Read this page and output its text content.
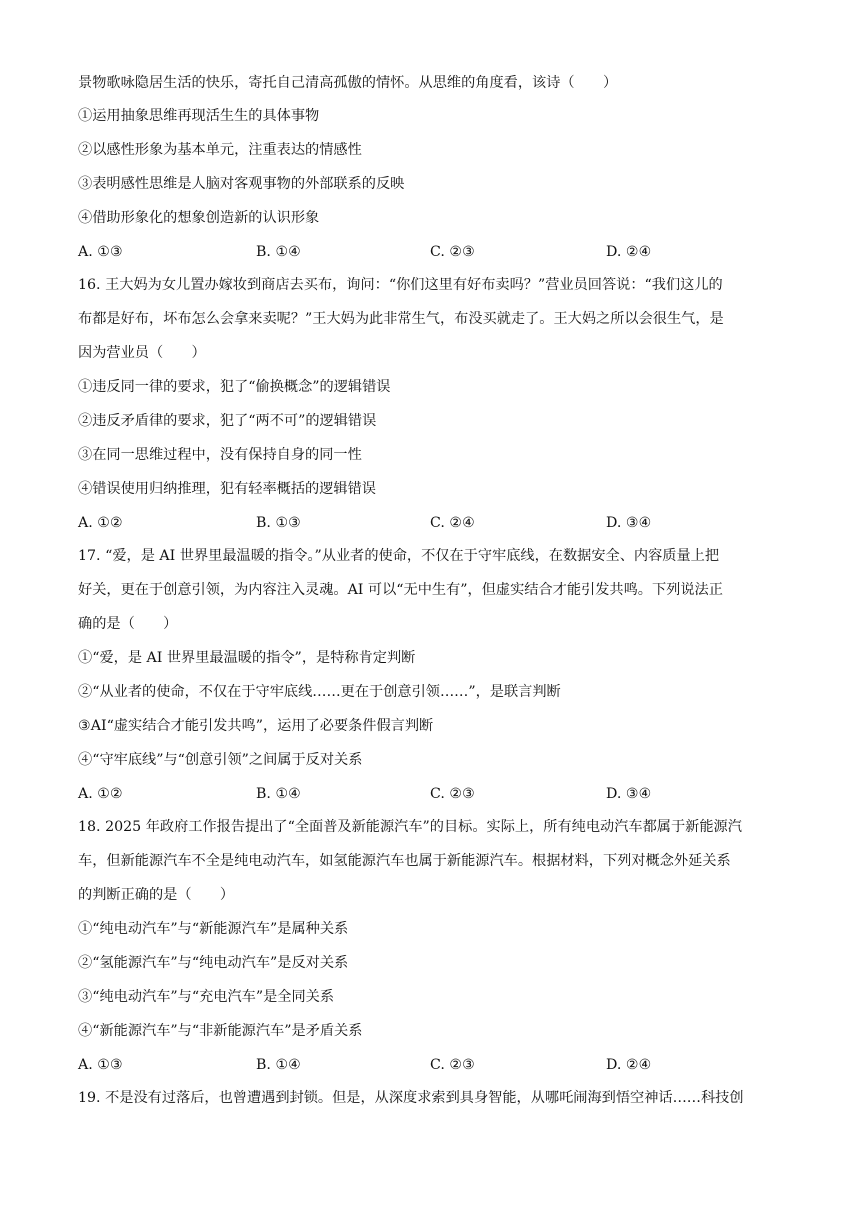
景物歌咏隐居生活的快乐，寄托自己清高孤傲的情怀。从思维的角度看，该诗（　　）
①运用抽象思维再现活生生的具体事物
②以感性形象为基本单元，注重表达的情感性
③表明感性思维是人脑对客观事物的外部联系的反映
④借助形象化的想象创造新的认识形象
A. ①③	B. ①④	C. ②③	D. ②④
16. 王大妈为女儿置办嫁妆到商店去买布，询问：“你们这里有好布卖吗？”营业员回答说：“我们这儿的
布都是好布，坏布怎么会拿来卖呢？”王大妈为此非常生气，布没买就走了。王大妈之所以会很生气，是
因为营业员（　　）
①违反同一律的要求，犯了“偷换概念”的逻辑错误
②违反矛盾律的要求，犯了“两不可”的逻辑错误
③在同一思维过程中，没有保持自身的同一性
④错误使用归纳推理，犯有轻率概括的逻辑错误
A. ①②	B. ①③	C. ②④	D. ③④
17. “爱，是 AI 世界里最温暖的指令。”从业者的使命，不仅在于守牢底线，在数据安全、内容质量上把
好关，更在于创意引领，为内容注入灵魂。AI 可以“无中生有”，但虚实结合才能引发共鸣。下列说法正
确的是（　　）
①“爱，是 AI 世界里最温暖的指令”，是特称肯定判断
②“从业者的使命，不仅在于守牢底线……更在于创意引领……”，是联言判断
③AI“虚实结合才能引发共鸣”，运用了必要条件假言判断
④“守牢底线”与“创意引领”之间属于反对关系
A. ①②	B. ①④	C. ②③	D. ③④
18. 2025 年政府工作报告提出了“全面普及新能源汽车”的目标。实际上，所有纯电动汽车都属于新能源汽
车，但新能源汽车不全是纯电动汽车，如氢能源汽车也属于新能源汽车。根据材料，下列对概念外延关系
的判断正确的是（　　）
①“纯电动汽车”与“新能源汽车”是属种关系
②“氢能源汽车”与“纯电动汽车”是反对关系
③“纯电动汽车”与“充电汽车”是全同关系
④“新能源汽车”与“非新能源汽车”是矛盾关系
A. ①③	B. ①④	C. ②③	D. ②④
19. 不是没有过落后，也曾遭遇到封锁。但是，从深度求索到具身智能，从哪吒闹海到悟空神话……科技创
